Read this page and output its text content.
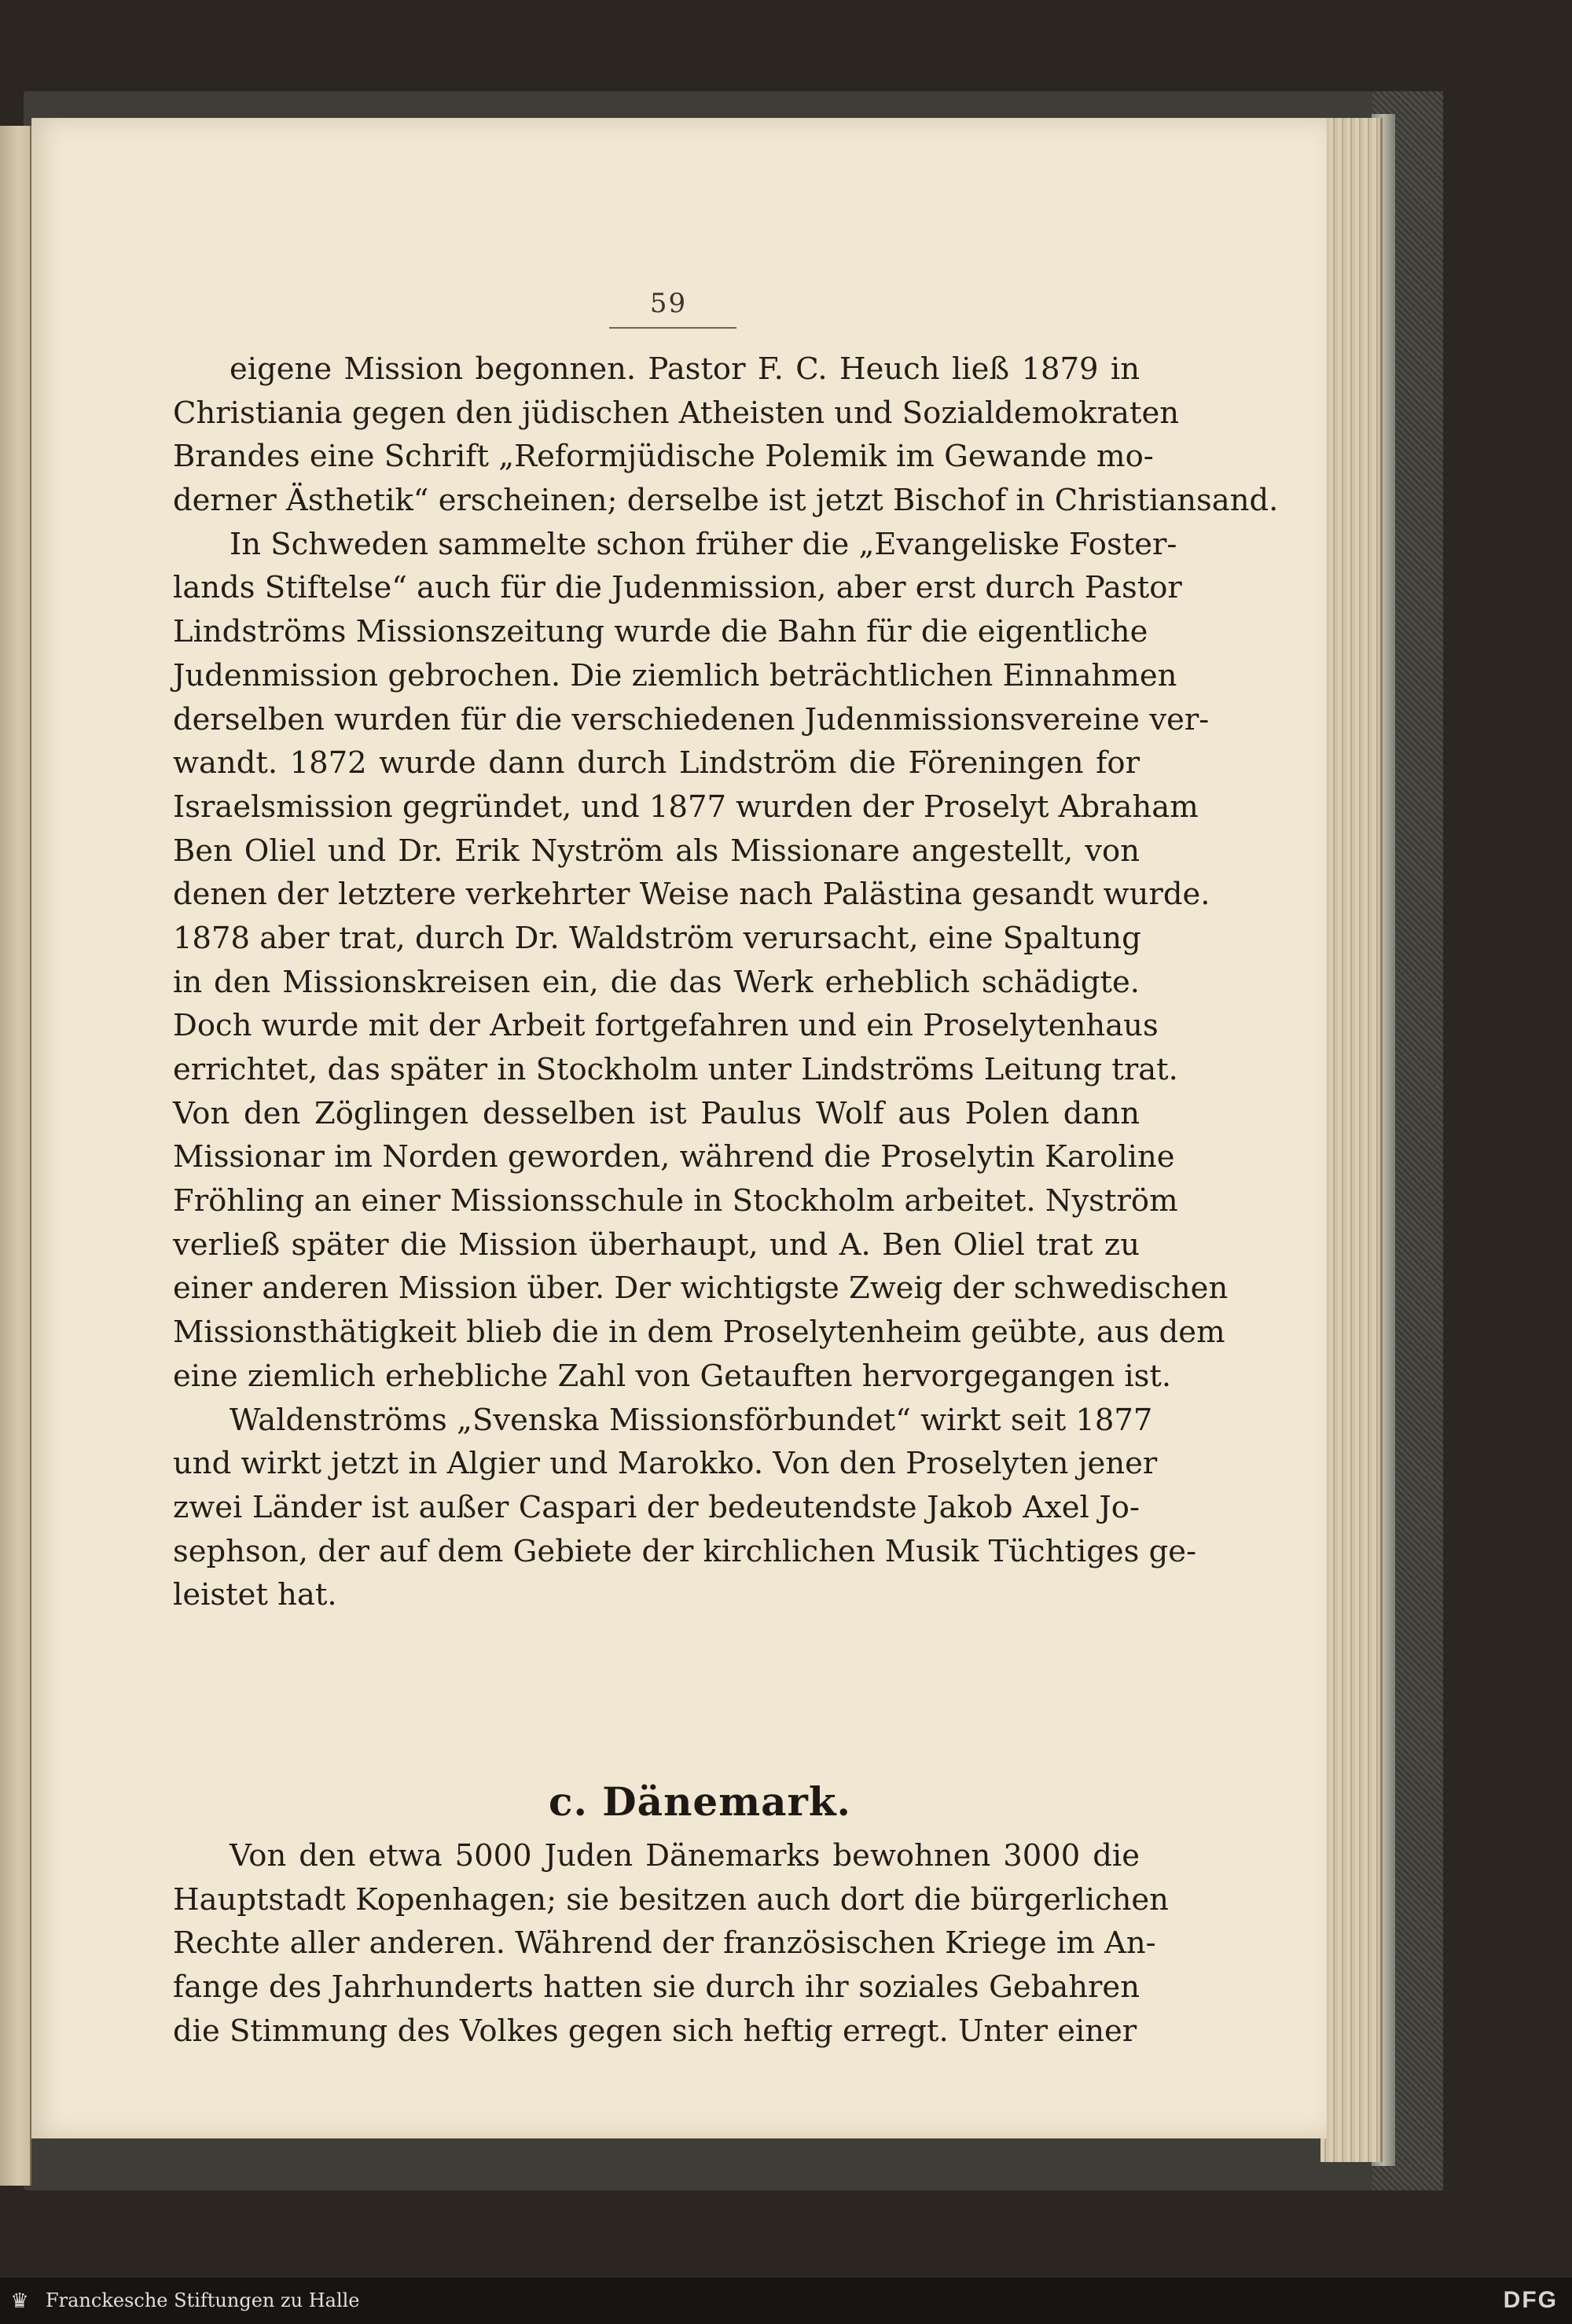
59
eigene Mission begonnen. Pastor F. C. Heuch ließ 1879 in
Christiania gegen den jüdischen Atheisten und Sozialdemokraten
Brandes eine Schrift „Reformjüdische Polemik im Gewande mo-
derner Ästhetik“ erscheinen; derselbe ist jetzt Bischof in Christiansand.
In Schweden sammelte schon früher die „Evangeliske Foster-
lands Stiftelse“ auch für die Judenmission, aber erst durch Pastor
Lindströms Missionszeitung wurde die Bahn für die eigentliche
Judenmission gebrochen. Die ziemlich beträchtlichen Einnahmen
derselben wurden für die verschiedenen Judenmissionsvereine ver-
wandt. 1872 wurde dann durch Lindström die Föreningen for
Israelsmission gegründet, und 1877 wurden der Proselyt Abraham
Ben Oliel und Dr. Erik Nyström als Missionare angestellt, von
denen der letztere verkehrter Weise nach Palästina gesandt wurde.
1878 aber trat, durch Dr. Waldström verursacht, eine Spaltung
in den Missionskreisen ein, die das Werk erheblich schädigte.
Doch wurde mit der Arbeit fortgefahren und ein Proselytenhaus
errichtet, das später in Stockholm unter Lindströms Leitung trat.
Von den Zöglingen desselben ist Paulus Wolf aus Polen dann
Missionar im Norden geworden, während die Proselytin Karoline
Fröhling an einer Missionsschule in Stockholm arbeitet. Nyström
verließ später die Mission überhaupt, und A. Ben Oliel trat zu
einer anderen Mission über. Der wichtigste Zweig der schwedischen
Missionsthätigkeit blieb die in dem Proselytenheim geübte, aus dem
eine ziemlich erhebliche Zahl von Getauften hervorgegangen ist.
Waldenströms „Svenska Missionsförbundet“ wirkt seit 1877
und wirkt jetzt in Algier und Marokko. Von den Proselyten jener
zwei Länder ist außer Caspari der bedeutendste Jakob Axel Jo-
sephson, der auf dem Gebiete der kirchlichen Musik Tüchtiges ge-
leistet hat.
c. Dänemark.
Von den etwa 5000 Juden Dänemarks bewohnen 3000 die
Hauptstadt Kopenhagen; sie besitzen auch dort die bürgerlichen
Rechte aller anderen. Während der französischen Kriege im An-
fange des Jahrhunderts hatten sie durch ihr soziales Gebahren
die Stimmung des Volkes gegen sich heftig erregt. Unter einer
♛ Franckesche Stiftungen zu Halle	DFG
